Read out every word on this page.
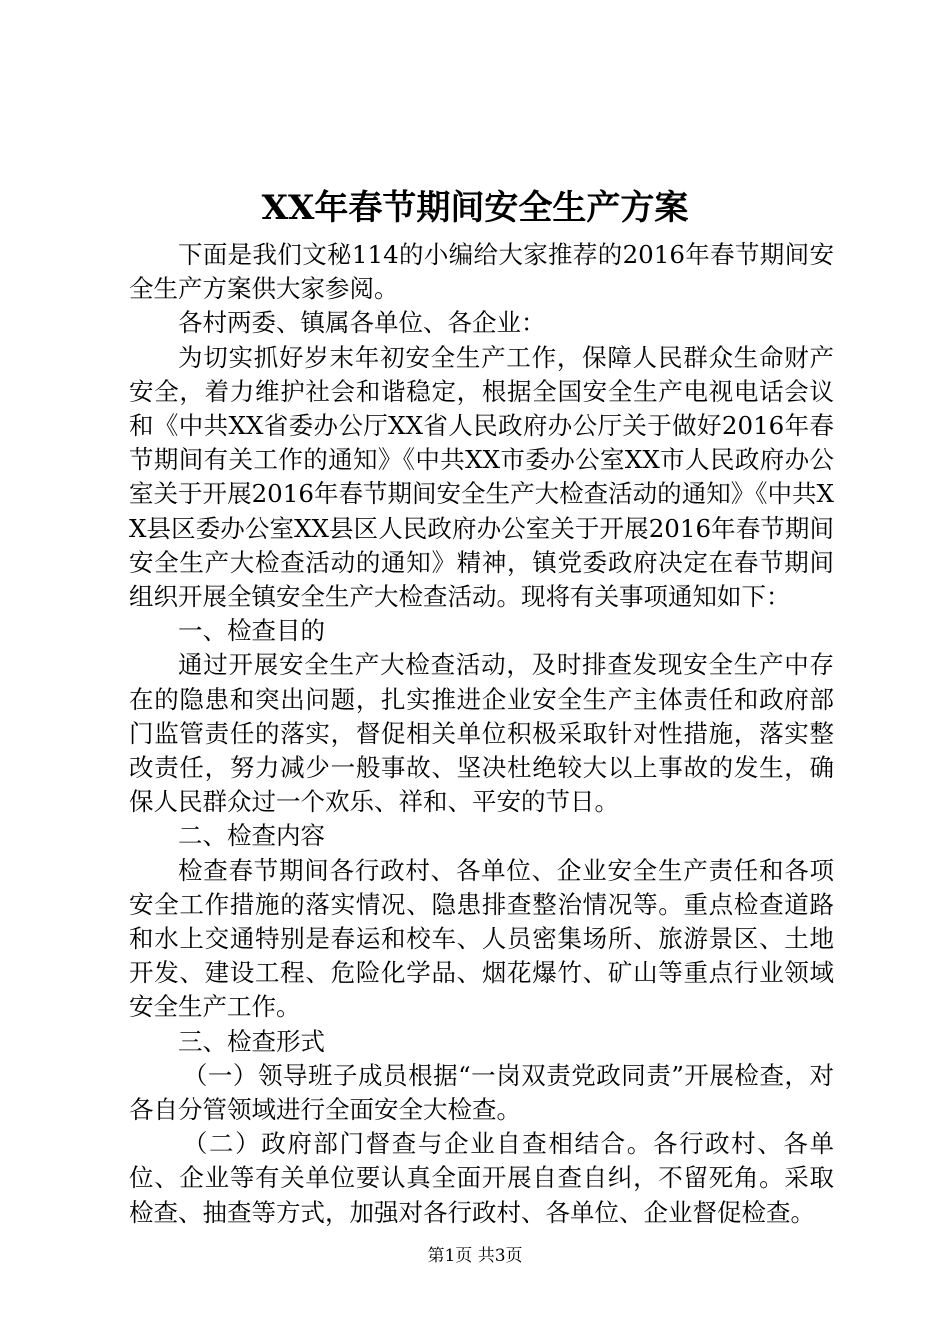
XX年春节期间安全生产方案

下面是我们文秘114的小编给大家推荐的2016年春节期间安全生产方案供大家参阅。

各村两委、镇属各单位、各企业：

为切实抓好岁末年初安全生产工作，保障人民群众生命财产安全，着力维护社会和谐稳定，根据全国安全生产电视电话会议和《中共XX省委办公厅XX省人民政府办公厅关于做好2016年春节期间有关工作的通知》《中共XX市委办公室XX市人民政府办公室关于开展2016年春节期间安全生产大检查活动的通知》《中共XX县区委办公室XX县区人民政府办公室关于开展2016年春节期间安全生产大检查活动的通知》精神，镇党委政府决定在春节期间组织开展全镇安全生产大检查活动。现将有关事项通知如下：

一、检查目的

通过开展安全生产大检查活动，及时排查发现安全生产中存在的隐患和突出问题，扎实推进企业安全生产主体责任和政府部门监管责任的落实，督促相关单位积极采取针对性措施，落实整改责任，努力减少一般事故、坚决杜绝较大以上事故的发生，确保人民群众过一个欢乐、祥和、平安的节日。

二、检查内容

检查春节期间各行政村、各单位、企业安全生产责任和各项安全工作措施的落实情况、隐患排查整治情况等。重点检查道路和水上交通特别是春运和校车、人员密集场所、旅游景区、土地开发、建设工程、危险化学品、烟花爆竹、矿山等重点行业领域安全生产工作。

三、检查形式

（一）领导班子成员根据“一岗双责党政同责”开展检查，对各自分管领域进行全面安全大检查。

（二）政府部门督查与企业自查相结合。各行政村、各单位、企业等有关单位要认真全面开展自查自纠，不留死角。采取检查、抽查等方式，加强对各行政村、各单位、企业督促检查。

第1页 共3页
